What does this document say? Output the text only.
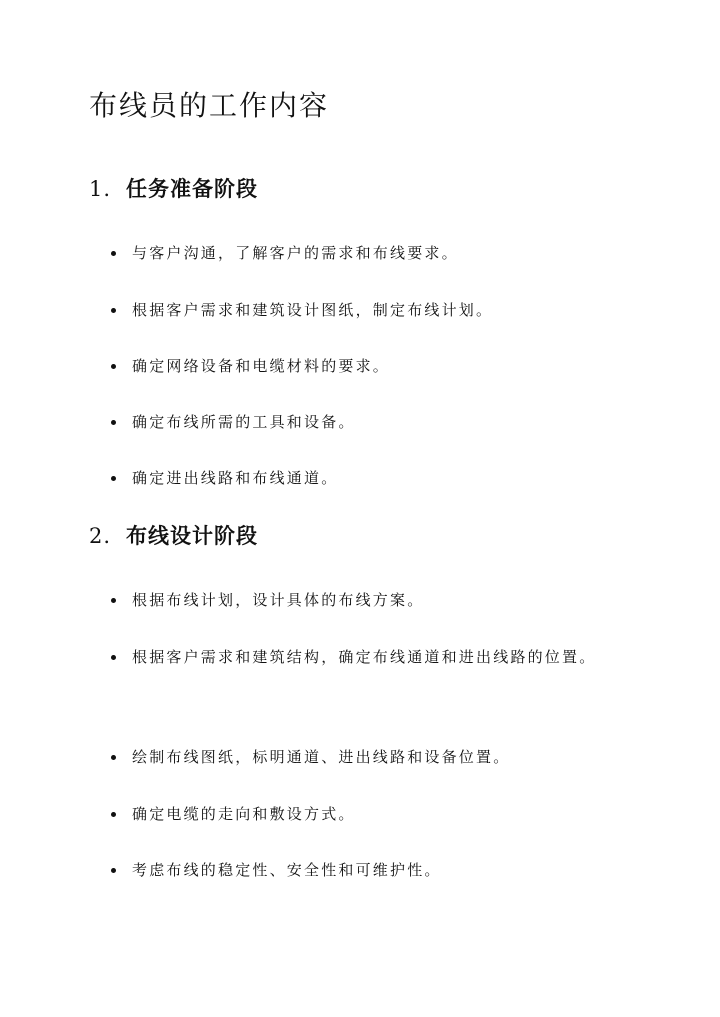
布线员的工作内容
1. 任务准备阶段
与客户沟通，了解客户的需求和布线要求。
根据客户需求和建筑设计图纸，制定布线计划。
确定网络设备和电缆材料的要求。
确定布线所需的工具和设备。
确定进出线路和布线通道。
2. 布线设计阶段
根据布线计划，设计具体的布线方案。
根据客户需求和建筑结构，确定布线通道和进出线路的位置。
绘制布线图纸，标明通道、进出线路和设备位置。
确定电缆的走向和敷设方式。
考虑布线的稳定性、安全性和可维护性。
